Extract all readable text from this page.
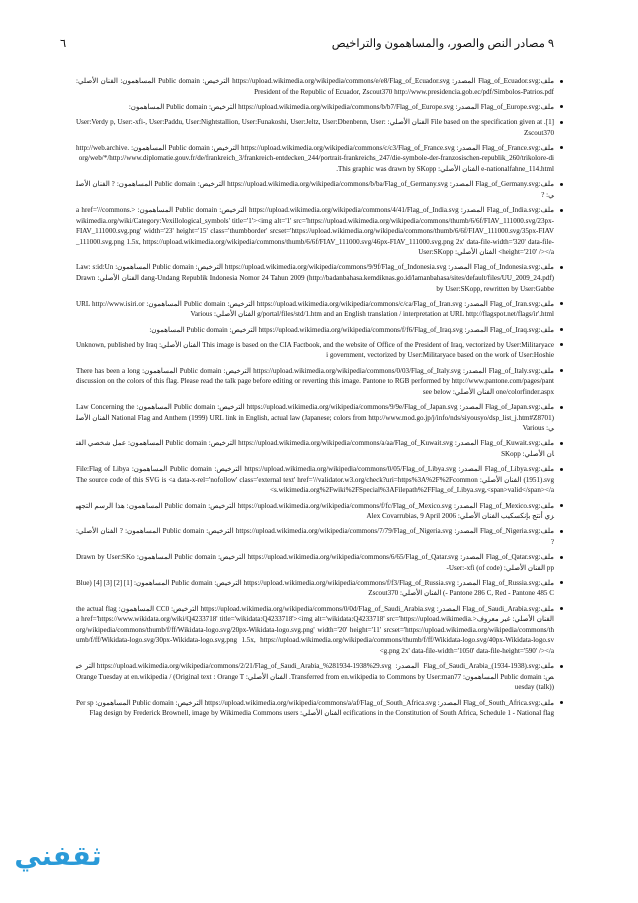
٩ مصادر النص والصور، والمساهمون والتراخيص
٦
ملف:Flag_of_Ecuador.svg المصدر: https://upload.wikimedia.org/wikipedia/commons/e/e8/Flag_of_Ecuador.svg الترخيص: Public domain المساهمون: الفنان الأصلي: President of the Republic of Ecuador, Zscout370 http://www.presidencia.gob.ec/pdf/Simbolos-Patrios.pdf
ملف:Flag_of_Europe.svg المصدر: https://upload.wikimedia.org/wikipedia/commons/b/b7/Flag_of_Europe.svg الترخيص: Public domain المساهمون:
[1]. File based on the specification given at الفنان الأصلي: User:Verdy p, User:-xfi-, User:Paddu, User:Nightstallion, User:Funakoshi, User:Jeltz, User:Dbenbenn, User:Zscout370
ملف:Flag_of_France.svg المصدر: https://upload.wikimedia.org/wikipedia/commons/c/c3/Flag_of_France.svg الترخيص: Public domain المساهمون: http://web.archive.org/web/*/http://www.diplomatie.gouv.fr/de/frankreich_3/frankreich-entdecken_244/portrait-frankreichs_247/die-symbole-der-franzosischen-republik_260/trikolore-die-nationalfahne_114.html الفنان الأصلي: This graphic was drawn by SKopp.
ملف:Flag_of_Germany.svg المصدر: https://upload.wikimedia.org/wikipedia/commons/b/ba/Flag_of_Germany.svg الترخيص: Public domain المساهمون: ? الفنان الأصلي: ?
ملف:Flag_of_India.svg المصدر: https://upload.wikimedia.org/wikipedia/commons/4/41/Flag_of_India.svg الترخيص: Public domain المساهمون: <a href='//commons.wikimedia.org/wiki/Category:Vexillological_symbols' title='1'><img alt='1' src='https://upload.wikimedia.org/wikipedia/commons/thumb/6/6f/FIAV_111000.svg/23px-FIAV_111000.svg.png' width='23' height='15' class='thumbborder' srcset='https://upload.wikimedia.org/wikipedia/commons/thumb/6/6f/FIAV_111000.svg/35px-FIAV_111000.svg.png 1.5x, https://upload.wikimedia.org/wikipedia/commons/thumb/6/6f/FIAV_111000.svg/46px-FIAV_111000.svg.png 2x' data-file-width='320' data-file-height='210' /></a> الفنان الأصلي: User:SKopp
ملف:Flag_of_Indonesia.svg المصدر: https://upload.wikimedia.org/wikipedia/commons/9/9f/Flag_of_Indonesia.svg الترخيص: Public domain المساهمون: Law: s:id:Undang-Undang Republik Indonesia Nomor 24 Tahun 2009 (http://badanbahasa.kemdiknas.go.id/lamanbahasa/sites/default/files/UU_2009_24.pdf) الفنان الأصلي: Drawn by User:SKopp, rewritten by User:Gabbe
ملف:Flag_of_Iran.svg المصدر: https://upload.wikimedia.org/wikipedia/commons/c/ca/Flag_of_Iran.svg الترخيص: Public domain المساهمون: URL http://www.isiri.org/portal/files/std/1.htm and an English translation / interpretation at URL http://flagspot.net/flags/ir'.html الفنان الأصلي: Various
ملف:Flag_of_Iraq.svg المصدر: https://upload.wikimedia.org/wikipedia/commons/f/f6/Flag_of_Iraq.svg الترخيص: Public domain المساهمون:
This image is based on the CIA Factbook, and the website of Office of the President of Iraq, vectorized by User:Militaryace الفنان الأصلي: Unknown, published by Iraqi government, vectorized by User:Militaryace based on the work of User:Hoshie
ملف:Flag_of_Italy.svg المصدر: https://upload.wikimedia.org/wikipedia/commons/0/03/Flag_of_Italy.svg الترخيص: Public domain المساهمون: There has been a long discussion on the colors of this flag. Please read the talk page before editing or reverting this image. Pantone to RGB performed by http://www.pantone.com/pages/pantone/colorfinder.aspx الفنان الأصلي: see below
ملف:Flag_of_Japan.svg المصدر: https://upload.wikimedia.org/wikipedia/commons/9/9e/Flag_of_Japan.svg الترخيص: Public domain المساهمون: Law Concerning the National Flag and Anthem (1999) URL link in English, actual law (Japanese; colors from http://www.mod.go.jp/j/info/nds/siyousyo/dsp_list_j.htm#Z8701) الفنان الأصلي: Various
ملف:Flag_of_Kuwait.svg المصدر: https://upload.wikimedia.org/wikipedia/commons/a/aa/Flag_of_Kuwait.svg الترخيص: Public domain المساهمون: عمل شخصي الفنان الأصلي: SKopp
ملف:Flag_of_Libya.svg المصدر: https://upload.wikimedia.org/wikipedia/commons/0/05/Flag_of_Libya.svg الترخيص: Public domain المساهمون: File:Flag of Libya (1951).svg الفنان الأصلي: The source code of this SVG is <a data-x-rel='nofollow' class='external text' href='//validator.w3.org/check?uri=https%3A%2F%2Fcommons.wikimedia.org%2Fwiki%2FSpecial%3AFilepath%2FFlag_of_Libya.svg,<span>valid</span></a>
ملف:Flag_of_Mexico.svg المصدر: https://upload.wikimedia.org/wikipedia/commons/f/fc/Flag_of_Mexico.svg الترخيص: Public domain المساهمون: هذا الرسم التجهيزي أنتج بإنكسكيب الفنان الأصلي: Alex Covarrubias, 9 April 2006
ملف:Flag_of_Nigeria.svg المصدر: https://upload.wikimedia.org/wikipedia/commons/7/79/Flag_of_Nigeria.svg الترخيص: Public domain المساهمون: ? الفنان الأصلي: ?
ملف:Flag_of_Qatar.svg المصدر: https://upload.wikimedia.org/wikipedia/commons/6/65/Flag_of_Qatar.svg الترخيص: Public domain المساهمون: Drawn by User:SKopp الفنان الأصلي: (of code) User:-xfi-
ملف:Flag_of_Russia.svg المصدر: https://upload.wikimedia.org/wikipedia/commons/f/f3/Flag_of_Russia.svg الترخيص: Public domain المساهمون: [1] [2] [3] [4] (Blue - Pantone 286 C, Red - Pantone 485 C) الفنان الأصلي: Zscout370
ملف:Flag_of_Saudi_Arabia.svg المصدر: https://upload.wikimedia.org/wikipedia/commons/0/0d/Flag_of_Saudi_Arabia.svg الترخيص: CC0 المساهمون: the actual flag الفنان الأصلي: غير معروف<a href='https://www.wikidata.org/wiki/Q4233718' title='wikidata:Q4233718'><img alt='wikidata:Q4233718' src='https://upload.wikimedia.org/wikipedia/commons/thumb/f/ff/Wikidata-logo.svg/20px-Wikidata-logo.svg.png' width='20' height='11' srcset='https://upload.wikimedia.org/wikipedia/commons/thumb/f/ff/Wikidata-logo.svg/30px-Wikidata-logo.svg.png 1.5x, https://upload.wikimedia.org/wikipedia/commons/thumb/f/ff/Wikidata-logo.svg/40px-Wikidata-logo.svg.png 2x' data-file-width='1050' data-file-height='590' /></a>
ملف:Flag_of_Saudi_Arabia_(1934-1938).svg المصدر: https://upload.wikimedia.org/wikipedia/commons/2/21/Flag_of_Saudi_Arabia_%281934-1938%29.svg الترخيص: Public domain المساهمون: Transferred from en.wikipedia to Commons by User:man77. الفنان الأصلي: Orange Tuesday at en.wikipedia / (Original text : Orange Tuesday (talk))
ملف:Flag_of_South_Africa.svg المصدر: https://upload.wikimedia.org/wikipedia/commons/a/af/Flag_of_South_Africa.svg الترخيص: Public domain المساهمون: Per specifications in the Constitution of South Africa, Schedule 1 - National flag الفنان الأصلي: Flag design by Frederick Brownell, image by Wikimedia Commons users
ثقفني
